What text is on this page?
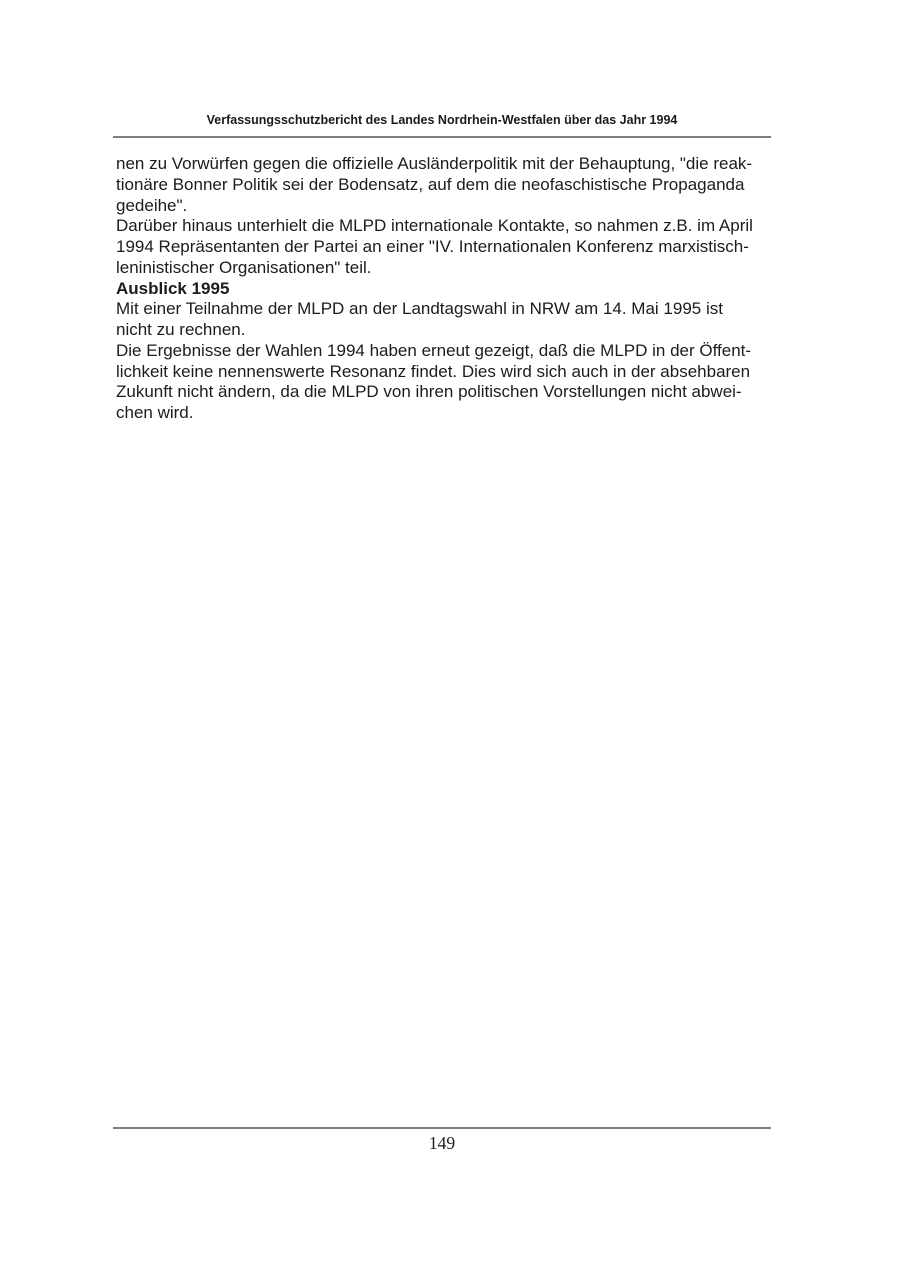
Verfassungsschutzbericht des Landes Nordrhein-Westfalen über das Jahr 1994
nen zu Vorwürfen gegen die offizielle Ausländerpolitik mit der Behauptung, "die reak-
tionäre Bonner Politik sei der Bodensatz, auf dem die neofaschistische Propaganda
gedeihe".
Darüber hinaus unterhielt die MLPD internationale Kontakte, so nahmen z.B. im April
1994 Repräsentanten der Partei an einer "IV. Internationalen Konferenz marxistisch-
leninistischer Organisationen" teil.
Ausblick 1995
Mit einer Teilnahme der MLPD an der Landtagswahl in NRW am 14. Mai 1995 ist
nicht zu rechnen.
Die Ergebnisse der Wahlen 1994 haben erneut gezeigt, daß die MLPD in der Öffent-
lichkeit keine nennenswerte Resonanz findet. Dies wird sich auch in der absehbaren
Zukunft nicht ändern, da die MLPD von ihren politischen Vorstellungen nicht abwei-
chen wird.
149
